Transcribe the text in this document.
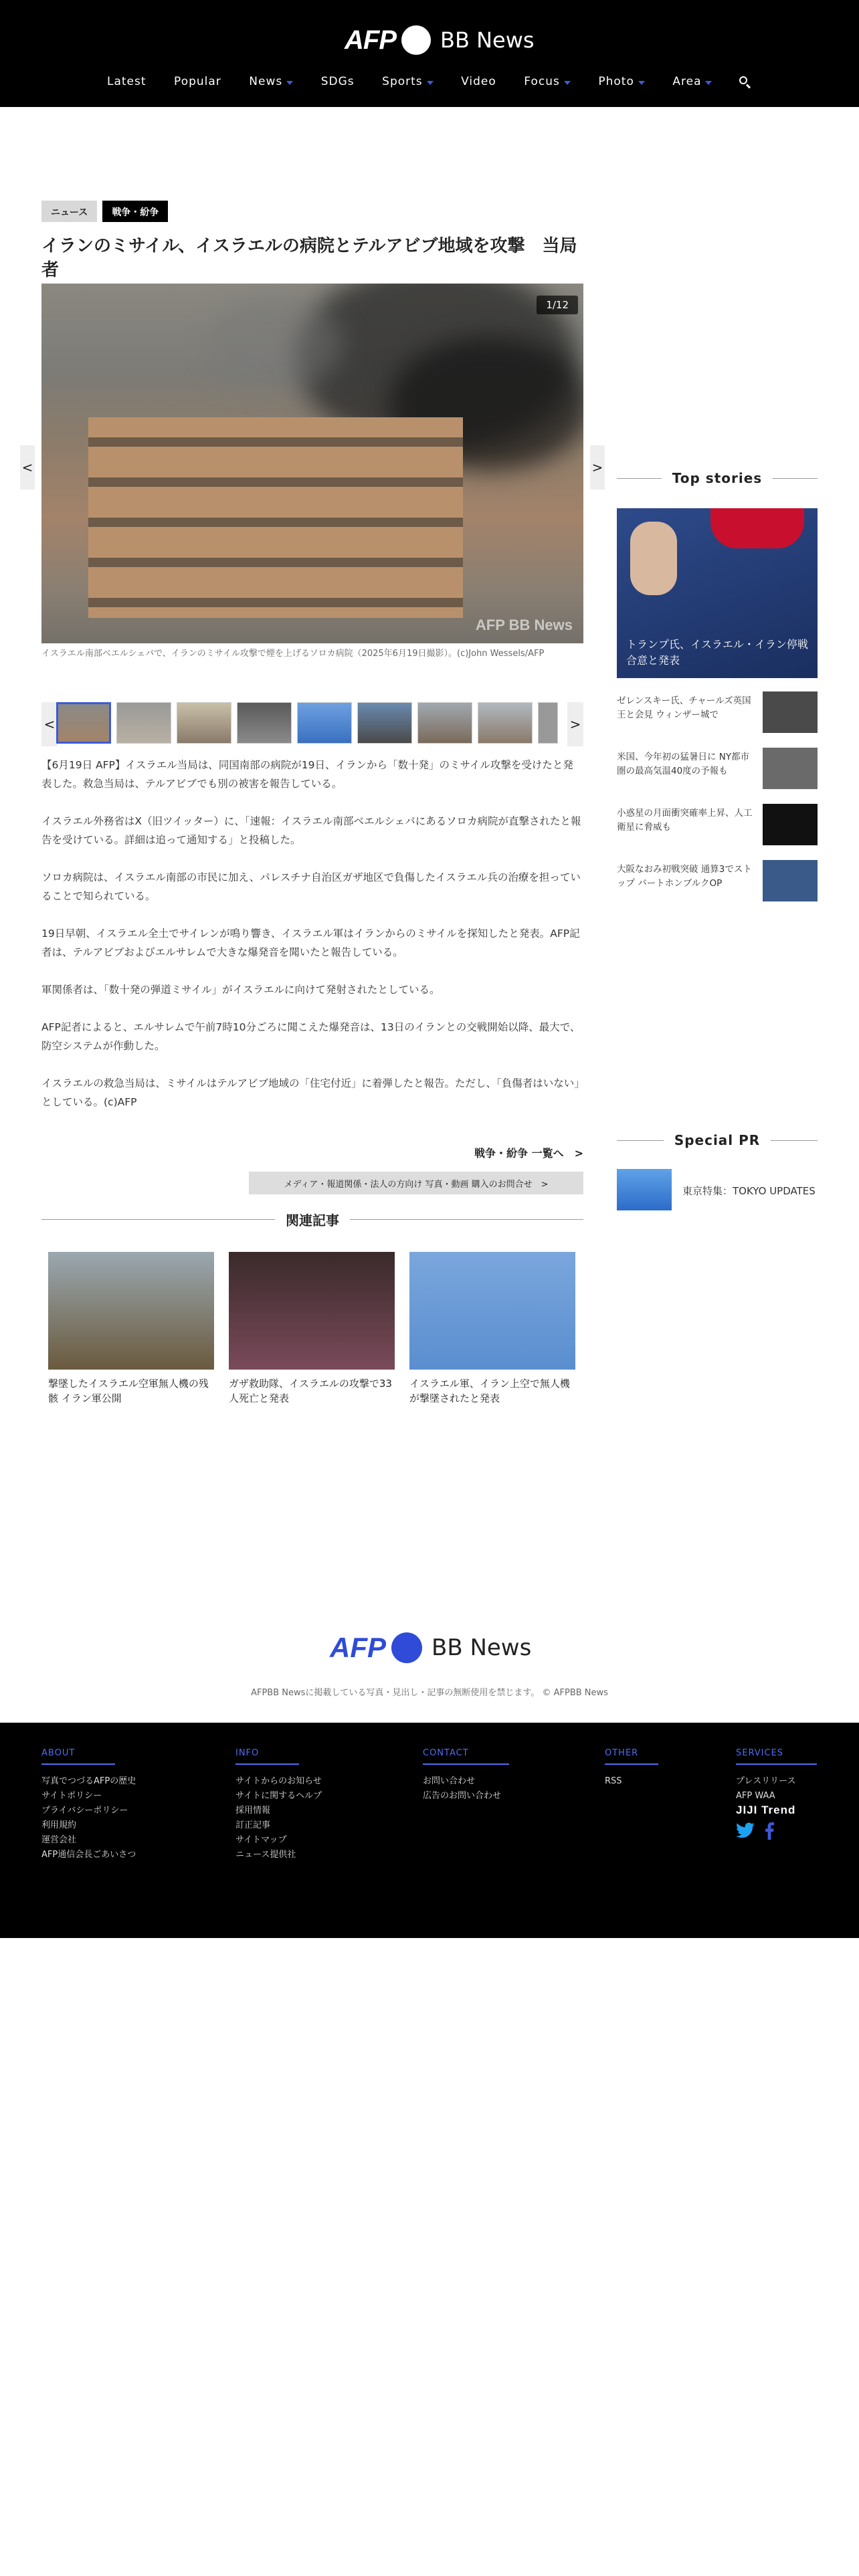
AFP BB News
Latest Popular News	SDGs Sports	Video Focus	Photo	Area
ニュース	戦争・紛争
イランのミサイル、イスラエルの病院とテルアビブ地域を攻撃　当局者
1/12
AFP BB News
<	>
イスラエル南部ベエルシェバで、イランのミサイル攻撃で煙を上げるソロカ病院（2025年6月19日撮影）。(c)John Wessels/AFP
<	>

【6月19日 AFP】イスラエル当局は、同国南部の病院が19日、イランから「数十発」のミサイル攻撃を受けたと発表した。救急当局は、テルアビブでも別の被害を報告している。

イスラエル外務省はX（旧ツイッター）に、「速報：イスラエル南部ベエルシェバにあるソロカ病院が直撃されたと報告を受けている。詳細は追って通知する」と投稿した。

ソロカ病院は、イスラエル南部の市民に加え、パレスチナ自治区ガザ地区で負傷したイスラエル兵の治療を担っていることで知られている。

19日早朝、イスラエル全土でサイレンが鳴り響き、イスラエル軍はイランからのミサイルを探知したと発表。AFP記者は、テルアビブおよびエルサレムで大きな爆発音を聞いたと報告している。

軍関係者は、「数十発の弾道ミサイル」がイスラエルに向けて発射されたとしている。

AFP記者によると、エルサレムで午前7時10分ごろに聞こえた爆発音は、13日のイランとの交戦開始以降、最大で、防空システムが作動した。

イスラエルの救急当局は、ミサイルはテルアビブ地域の「住宅付近」に着弾したと報告。ただし、「負傷者はいない」としている。(c)AFP

戦争・紛争 一覧へ　>
メディア・報道関係・法人の方向け 写真・動画 購入のお問合せ　>
関連記事
撃墜したイスラエル空軍無人機の残骸 イラン軍公開
ガザ救助隊、イスラエルの攻撃で33人死亡と発表
イスラエル軍、イラン上空で無人機が撃墜されたと発表
Top stories
トランプ氏、イスラエル・イラン停戦合意と発表
ゼレンスキー氏、チャールズ英国王と会見 ウィンザー城で
米国、今年初の猛暑日に NY都市圏の最高気温40度の予報も
小惑星の月面衝突確率上昇、人工衛星に脅威も
大阪なおみ初戦突破 通算3でストップ バートホンブルクOP
Special PR
東京特集：TOKYO UPDATES
AFP BB News
AFPBB Newsに掲載している写真・見出し・記事の無断使用を禁じます。 © AFPBB News
ABOUT
写真でつづるAFPの歴史
サイトポリシー
プライバシーポリシー
利用規約
運営会社
AFP通信会長ごあいさつ
INFO
サイトからのお知らせ
サイトに関するヘルプ
採用情報
訂正記事
サイトマップ
ニュース提供社
CONTACT
お問い合わせ
広告のお問い合わせ
OTHER
RSS
SERVICES
プレスリリース
AFP WAA
JIJI Trend
